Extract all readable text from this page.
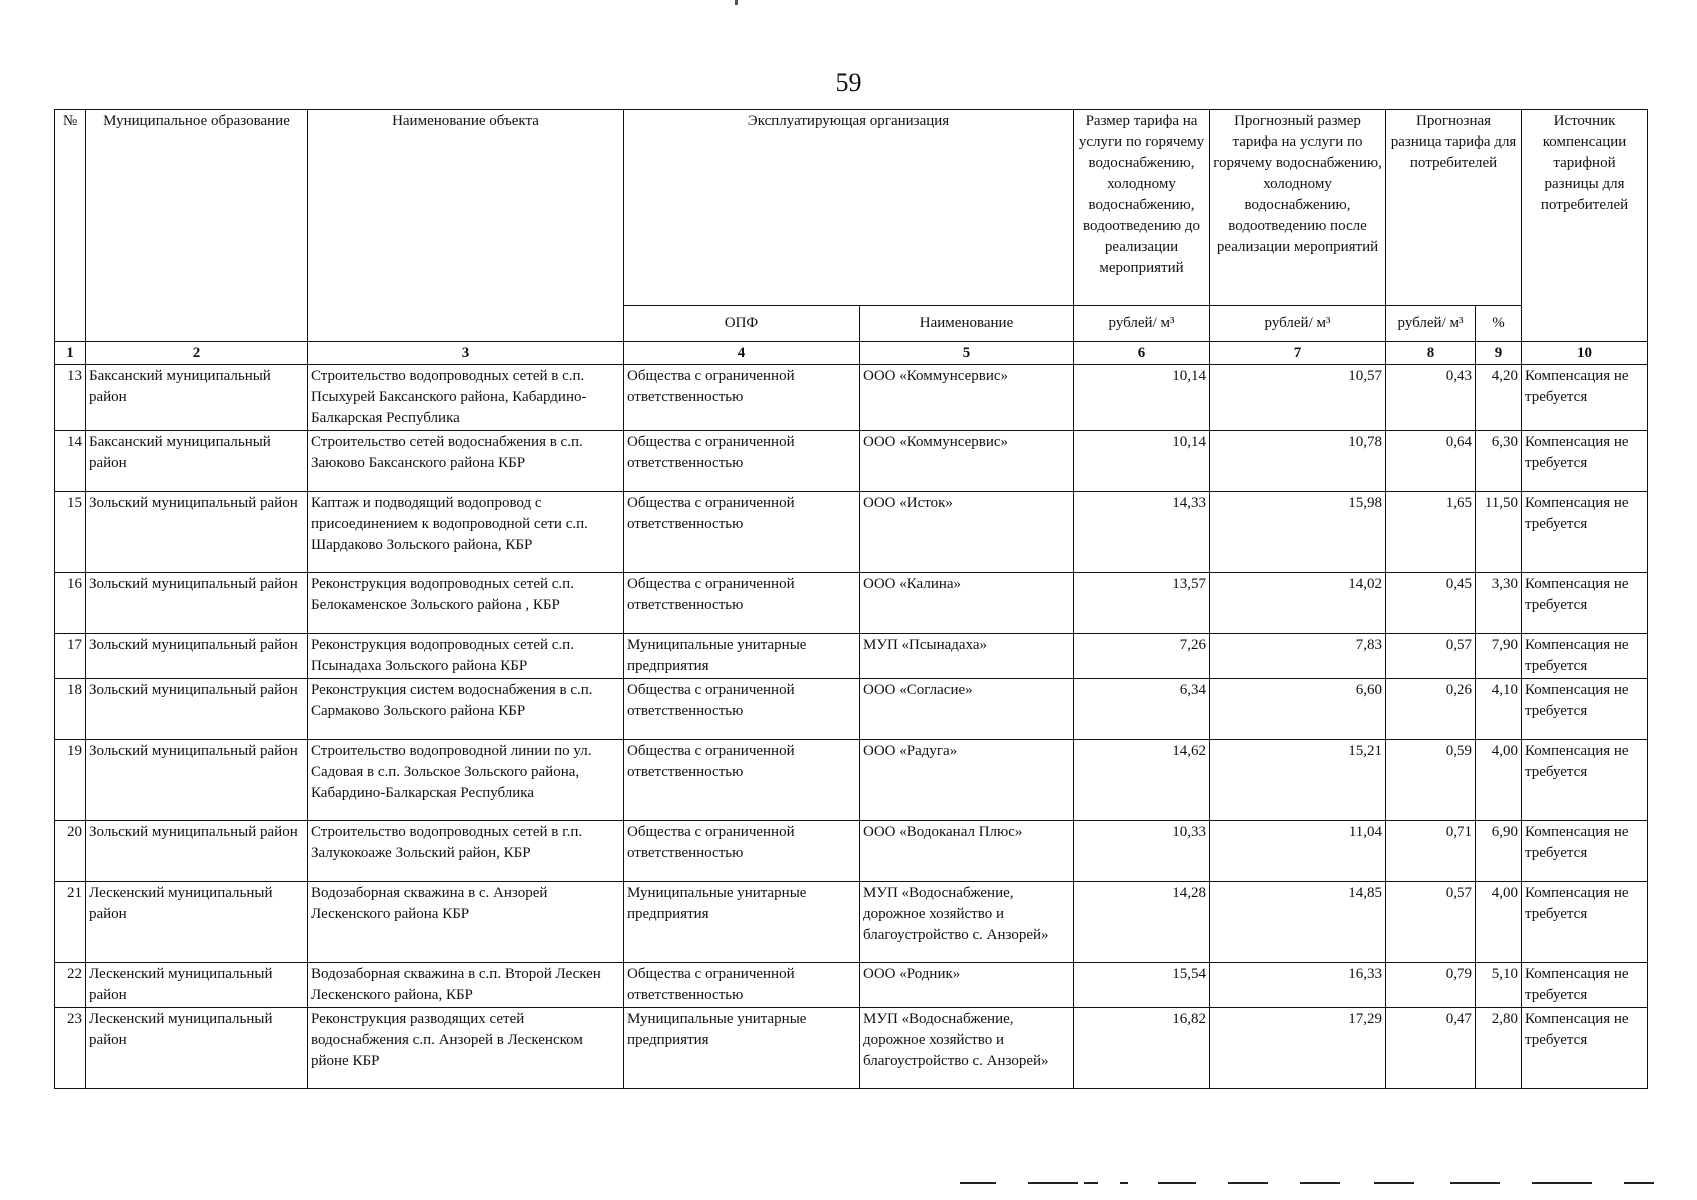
59
№	Муниципальное образование	Наименование объекта	Эксплуатирующая организация		Размер тарифа на услуги по горячему водоснабжению, холодному водоснабжению, водоотведению до реализации мероприятий	Прогнозный размер тарифа на услуги по горячему водоснабжению, холодному водоснабжению, водоотведению после реализации мероприятий	Прогнозная разница тарифа для потребителей		Источник компенсации тарифной разницы для потребителей
			ОПФ	Наименование	рублей/ м³	рублей/ м³	рублей/ м³	%	
1	2	3	4	5	6	7	8	9	10
13	Баксанский муниципальный район	Строительство водопроводных сетей в с.п. Псыхурей Баксанского района, Кабардино-Балкарская Республика	Общества с ограниченной ответственностью	ООО «Коммунсервис»	10,14	10,57	0,43	4,20	Компенсация не требуется
14	Баксанский муниципальный район	Строительство сетей водоснабжения в с.п. Заюково Баксанского района КБР	Общества с ограниченной ответственностью	ООО «Коммунсервис»	10,14	10,78	0,64	6,30	Компенсация не требуется
15	Зольский муниципальный район	Каптаж и подводящий водопровод с присоединением к водопроводной сети с.п. Шардаково Зольского района, КБР	Общества с ограниченной ответственностью	ООО «Исток»	14,33	15,98	1,65	11,50	Компенсация не требуется
16	Зольский муниципальный район	Реконструкция водопроводных сетей с.п. Белокаменское Зольского района , КБР	Общества с ограниченной ответственностью	ООО «Калина»	13,57	14,02	0,45	3,30	Компенсация не требуется
17	Зольский муниципальный район	Реконструкция водопроводных сетей с.п. Псынадаха Зольского района КБР	Муниципальные унитарные предприятия	МУП «Псынадаха»	7,26	7,83	0,57	7,90	Компенсация не требуется
18	Зольский муниципальный район	Реконструкция систем водоснабжения в с.п. Сармаково Зольского района КБР	Общества с ограниченной ответственностью	ООО «Согласие»	6,34	6,60	0,26	4,10	Компенсация не требуется
19	Зольский муниципальный район	Строительство водопроводной линии по ул. Садовая в с.п. Зольское Зольского района, Кабардино-Балкарская Республика	Общества с ограниченной ответственностью	ООО «Радуга»	14,62	15,21	0,59	4,00	Компенсация не требуется
20	Зольский муниципальный район	Строительство водопроводных сетей в г.п. Залукокоаже Зольский район, КБР	Общества с ограниченной ответственностью	ООО «Водоканал Плюс»	10,33	11,04	0,71	6,90	Компенсация не требуется
21	Лескенский муниципальный район	Водозаборная скважина в с. Анзорей Лескенского района КБР	Муниципальные унитарные предприятия	МУП «Водоснабжение, дорожное хозяйство и благоустройство с. Анзорей»	14,28	14,85	0,57	4,00	Компенсация не требуется
22	Лескенский муниципальный район	Водозаборная скважина в с.п. Второй Лескен Лескенского района, КБР	Общества с ограниченной ответственностью	ООО «Родник»	15,54	16,33	0,79	5,10	Компенсация не требуется
23	Лескенский муниципальный район	Реконструкция разводящих сетей водоснабжения с.п. Анзорей в Лескенском рйоне КБР	Муниципальные унитарные предприятия	МУП «Водоснабжение, дорожное хозяйство и благоустройство с. Анзорей»	16,82	17,29	0,47	2,80	Компенсация не требуется
